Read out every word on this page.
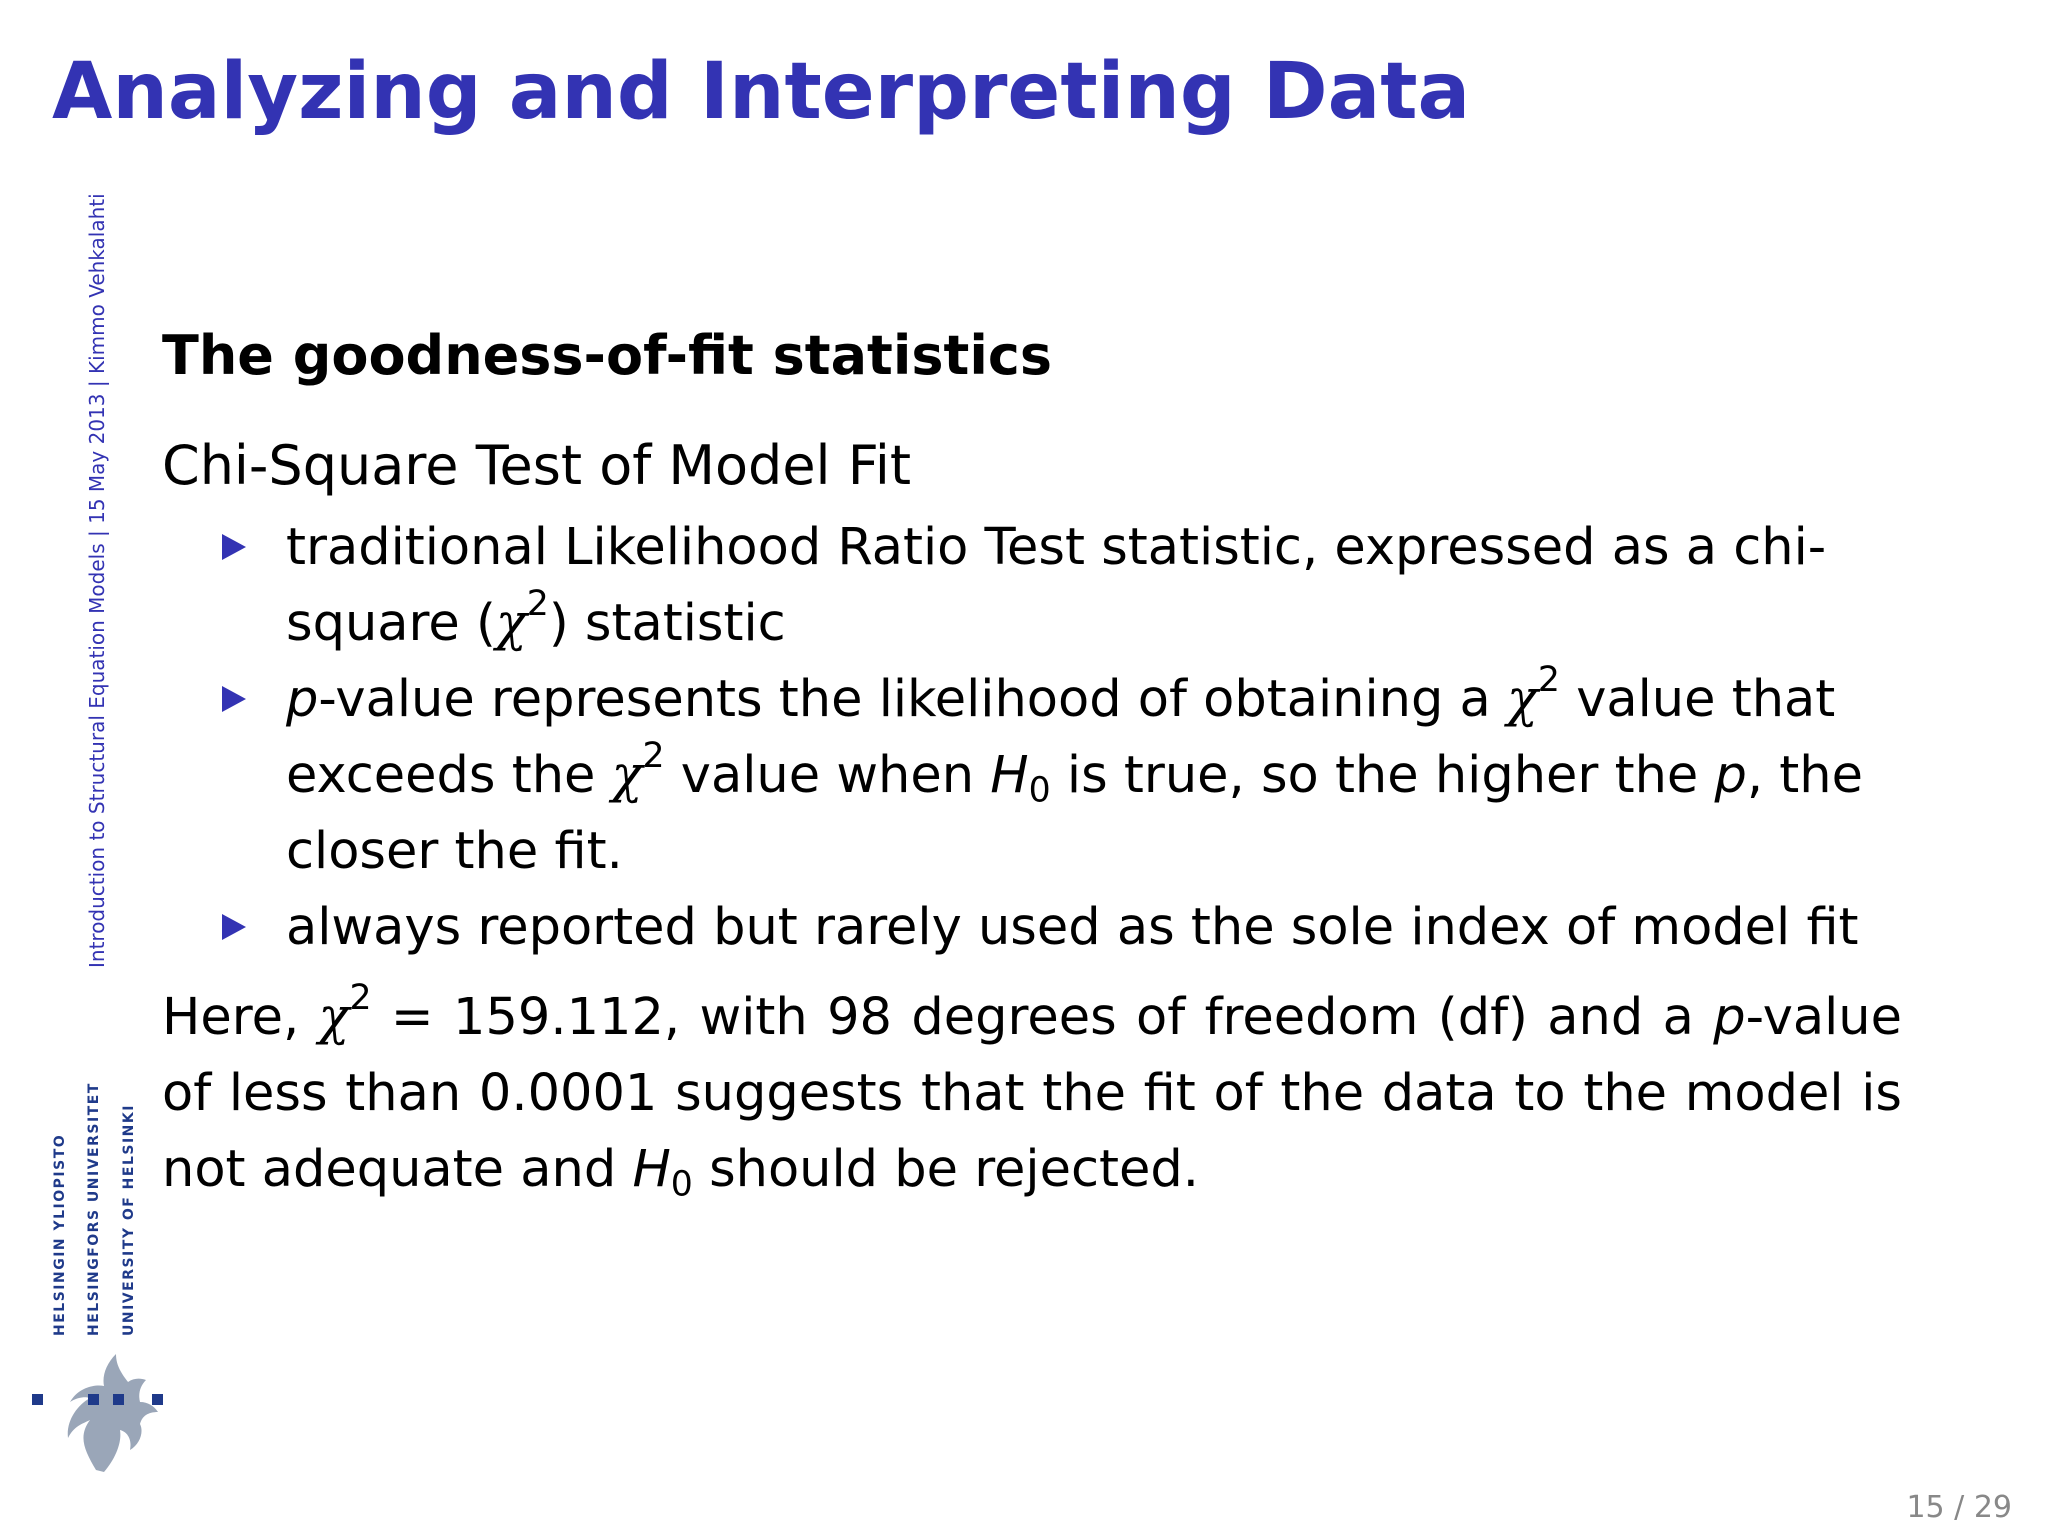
Analyzing and Interpreting Data
Introduction to Structural Equation Models | 15 May 2013 | Kimmo Vehkalahti
HELSINGIN YLIOPISTO HELSINGFORS UNIVERSITET UNIVERSITY OF HELSINKI
The goodness-of-fit statistics
Chi-Square Test of Model Fit
traditional Likelihood Ratio Test statistic, expressed as a chi-square $(\chi^2)$ statistic
p-value represents the likelihood of obtaining a $\chi^2$ value that exceeds the $\chi^2$ value when $H_0$ is true, so the higher the p, the closer the fit.
always reported but rarely used as the sole index of model fit

Here, $\chi^2 = 159.112$, with 98 degrees of freedom (df) and a p-value of less than 0.0001 suggests that the fit of the data to the model is not adequate and $H_0$ should be rejected.

15 / 29
